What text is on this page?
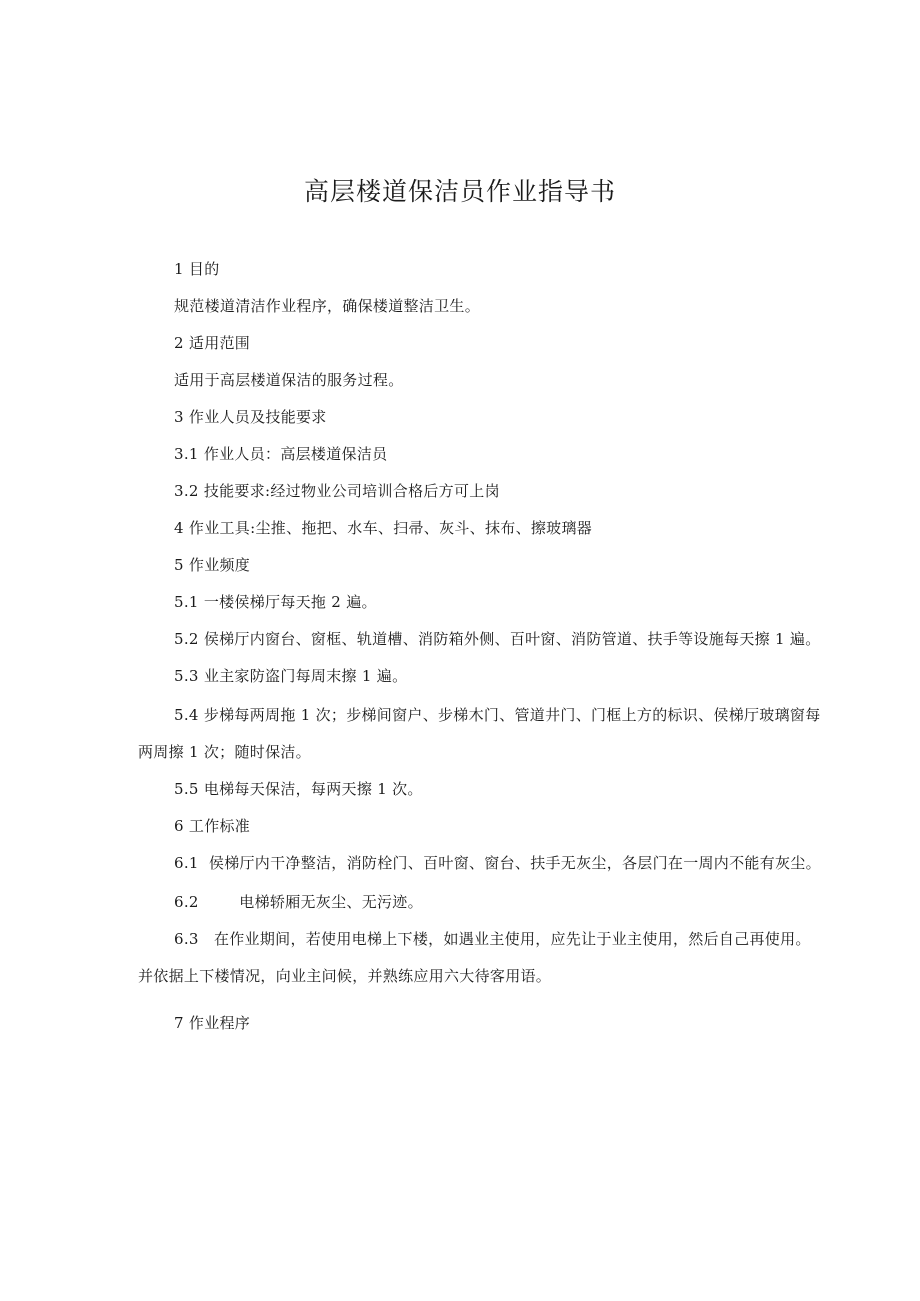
高层楼道保洁员作业指导书
1 目的
规范楼道清洁作业程序，确保楼道整洁卫生。
2 适用范围
适用于高层楼道保洁的服务过程。
3 作业人员及技能要求
3.1 作业人员：高层楼道保洁员
3.2 技能要求:经过物业公司培训合格后方可上岗
4 作业工具:尘推、拖把、水车、扫帚、灰斗、抹布、擦玻璃器
5 作业频度
5.1 一楼侯梯厅每天拖 2 遍。
5.2 侯梯厅内窗台、窗框、轨道槽、消防箱外侧、百叶窗、消防管道、扶手等设施每天擦 1 遍。
5.3 业主家防盗门每周末擦 1 遍。
5.4 步梯每两周拖 1 次；步梯间窗户、步梯木门、管道井门、门框上方的标识、侯梯厅玻璃窗每
两周擦 1 次；随时保洁。
5.5 电梯每天保洁，每两天擦 1 次。
6 工作标准
6.1  侯梯厅内干净整洁，消防栓门、百叶窗、窗台、扶手无灰尘，各层门在一周内不能有灰尘。
6.2        电梯轿厢无灰尘、无污迹。
6.3   在作业期间，若使用电梯上下楼，如遇业主使用，应先让于业主使用，然后自己再使用。
并依据上下楼情况，向业主问候，并熟练应用六大待客用语。
7 作业程序
